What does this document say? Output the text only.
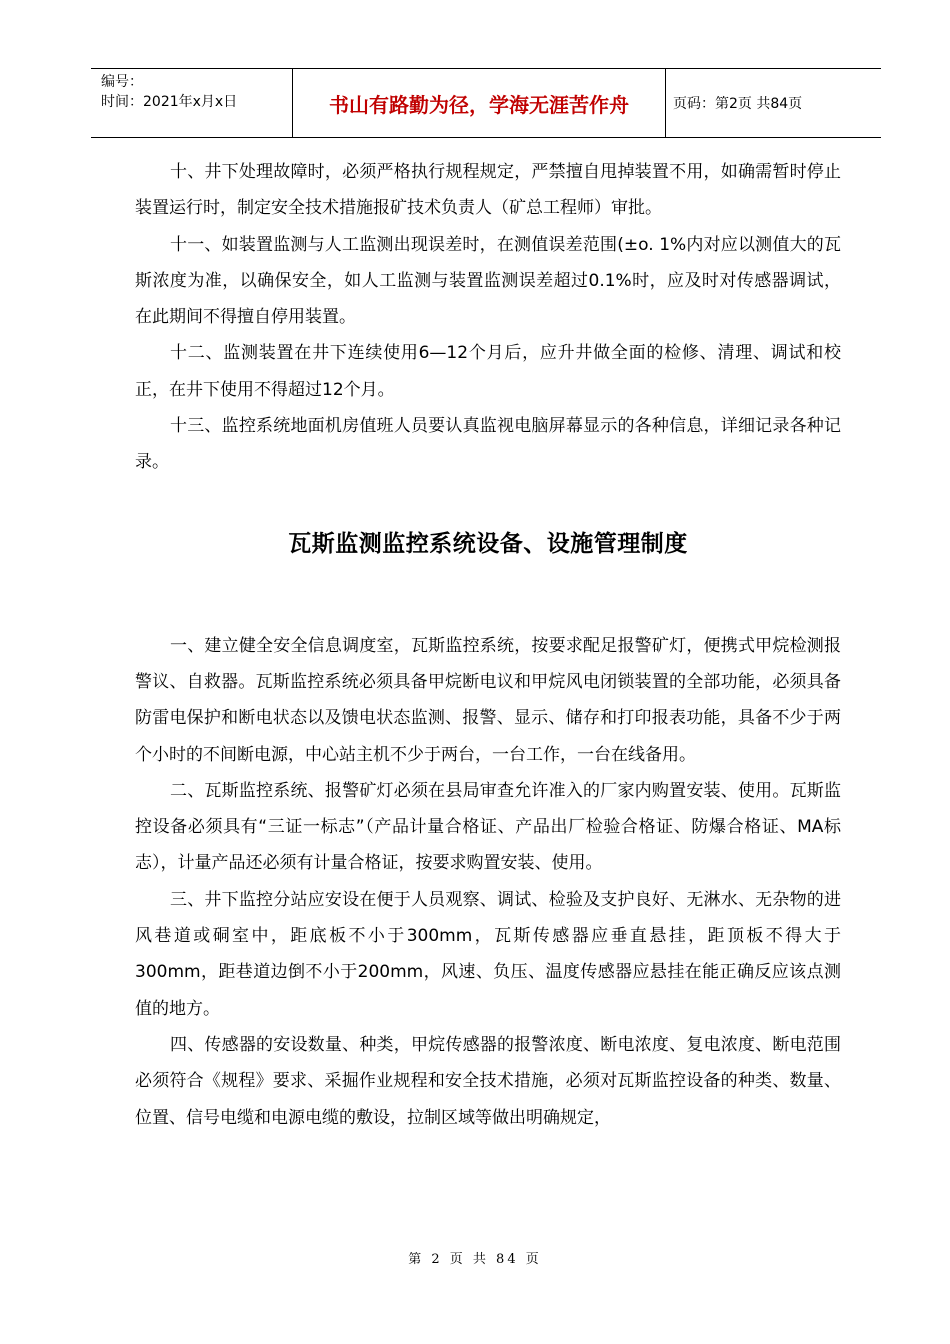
编号：
时间：2021年x月x日	书山有路勤为径，学海无涯苦作舟	页码：第2页 共84页

十、井下处理故障时，必须严格执行规程规定，严禁擅自甩掉装置不用，如确需暂时停止装置运行时，制定安全技术措施报矿技术负责人（矿总工程师）审批。

十一、如装置监测与人工监测出现误差时，在测值误差范围(±o. 1%内对应以测值大的瓦斯浓度为准，以确保安全，如人工监测与装置监测误差超过0.1%时，应及时对传感器调试，在此期间不得擅自停用装置。

十二、监测装置在井下连续使用6—12个月后，应升井做全面的检修、清理、调试和校正，在井下使用不得超过12个月。

十三、监控系统地面机房值班人员要认真监视电脑屏幕显示的各种信息，详细记录各种记录。

瓦斯监测监控系统设备、设施管理制度

一、建立健全安全信息调度室，瓦斯监控系统，按要求配足报警矿灯，便携式甲烷检测报警议、自救器。瓦斯监控系统必须具备甲烷断电议和甲烷风电闭锁装置的全部功能，必须具备防雷电保护和断电状态以及馈电状态监测、报警、显示、储存和打印报表功能，具备不少于两个小时的不间断电源，中心站主机不少于两台，一台工作，一台在线备用。

二、瓦斯监控系统、报警矿灯必须在县局审查允许准入的厂家内购置安装、使用。瓦斯监控设备必须具有“三证一标志”（产品计量合格证、产品出厂检验合格证、防爆合格证、MA标志），计量产品还必须有计量合格证，按要求购置安装、使用。

三、井下监控分站应安设在便于人员观察、调试、检验及支护良好、无淋水、无杂物的进风巷道或硐室中，距底板不小于300mm，瓦斯传感器应垂直悬挂，距顶板不得大于300mm，距巷道边倒不小于200mm，风速、负压、温度传感器应悬挂在能正确反应该点测值的地方。

四、传感器的安设数量、种类，甲烷传感器的报警浓度、断电浓度、复电浓度、断电范围必须符合《规程》要求、采掘作业规程和安全技术措施，必须对瓦斯监控设备的种类、数量、位置、信号电缆和电源电缆的敷设，拉制区域等做出明确规定，

第 2 页 共 84 页
